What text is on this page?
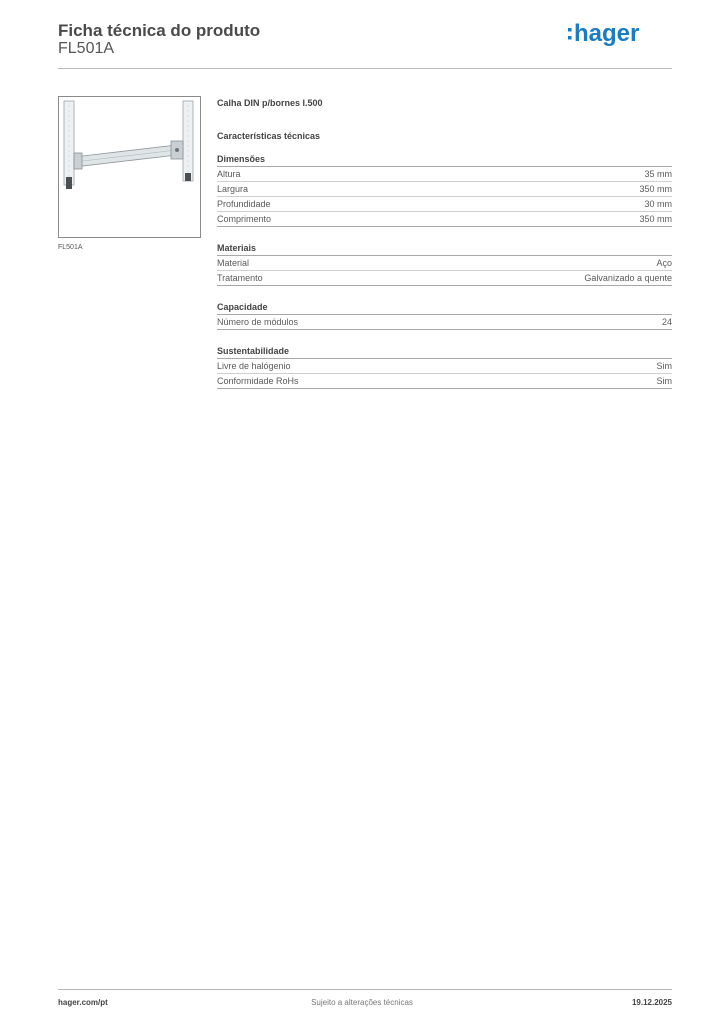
Ficha técnica do produto
FL501A
hager
FL501A
Calha DIN p/bornes l.500
Características técnicas
Dimensões
Altura	35 mm
Largura	350 mm
Profundidade	30 mm
Comprimento	350 mm
Materiais
Material	Aço
Tratamento	Galvanizado a quente
Capacidade
Número de módulos	24
Sustentabilidade
Livre de halógenio	Sim
Conformidade RoHs	Sim
hager.com/pt	Sujeito a alterações técnicas	19.12.2025
